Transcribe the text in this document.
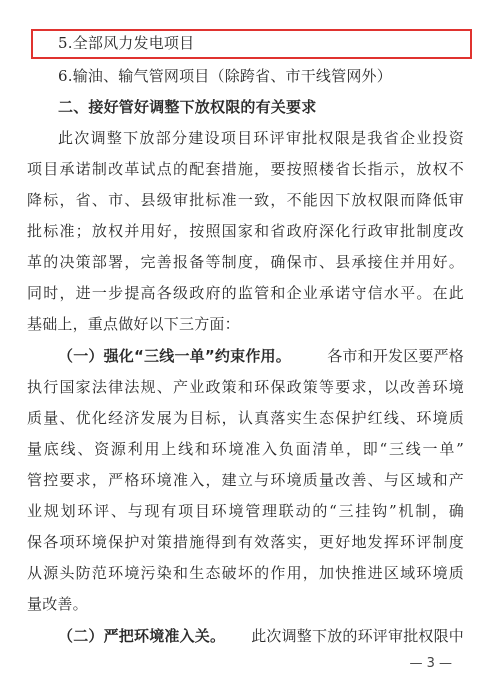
5.全部风力发电项目
6.输油、输气管网项目（除跨省、市干线管网外）
二、接好管好调整下放权限的有关要求
此次调整下放部分建设项目环评审批权限是我省企业投资
项目承诺制改革试点的配套措施，要按照楼省长指示，放权不
降标，省、市、县级审批标准一致，不能因下放权限而降低审
批标准；放权并用好，按照国家和省政府深化行政审批制度改
革的决策部署，完善报备等制度，确保市、县承接住并用好。
同时，进一步提高各级政府的监管和企业承诺守信水平。在此
基础上，重点做好以下三方面：
（一）强化“三线一单”约束作用。 各市和开发区要严格
执行国家法律法规、产业政策和环保政策等要求，以改善环境
质量、优化经济发展为目标，认真落实生态保护红线、环境质
量底线、资源利用上线和环境准入负面清单，即“三线一单”
管控要求，严格环境准入，建立与环境质量改善、与区域和产
业规划环评、与现有项目环境管理联动的“三挂钩”机制，确
保各项环境保护对策措施得到有效落实，更好地发挥环评制度
从源头防范环境污染和生态破坏的作用，加快推进区域环境质
量改善。
（二）严把环境准入关。 此次调整下放的环评审批权限中
— 3 —
